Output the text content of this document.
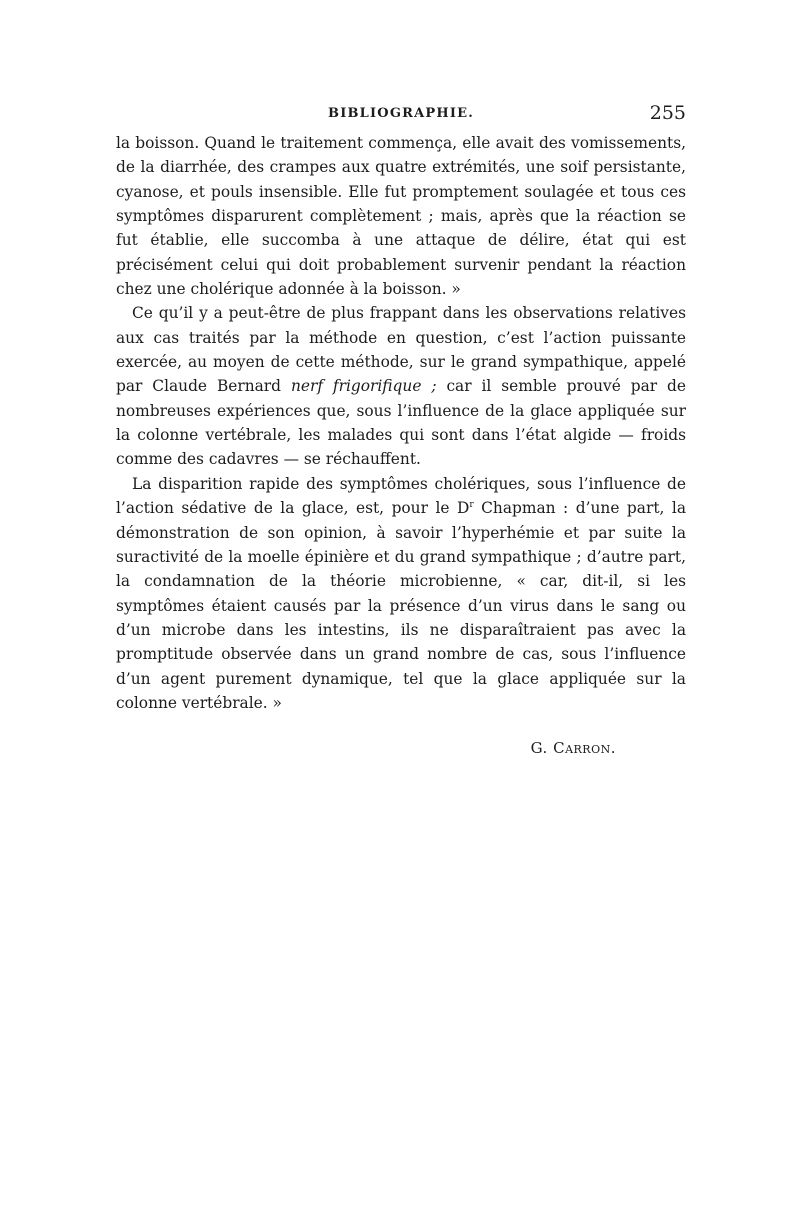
BIBLIOGRAPHIE.	255

la boisson. Quand le traitement commença, elle avait des vomissements, de la diarrhée, des crampes aux quatre extrémités, une soif persistante, cyanose, et pouls insensible. Elle fut promptement soulagée et tous ces symptômes disparurent complètement ; mais, après que la réaction se fut établie, elle succomba à une attaque de délire, état qui est précisément celui qui doit probablement survenir pendant la réaction chez une cholérique adonnée à la boisson. »

Ce qu’il y a peut-être de plus frappant dans les observations relatives aux cas traités par la méthode en question, c’est l’action puissante exercée, au moyen de cette méthode, sur le grand sympathique, appelé par Claude Bernard nerf frigorifique ; car il semble prouvé par de nombreuses expériences que, sous l’influence de la glace appliquée sur la colonne vertébrale, les malades qui sont dans l’état algide — froids comme des cadavres — se réchauffent.

La disparition rapide des symptômes cholériques, sous l’influence de l’action sédative de la glace, est, pour le $D^r$ Chapman : d’une part, la démonstration de son opinion, à savoir l’hyperhémie et par suite la suractivité de la moelle épinière et du grand sympathique ; d’autre part, la condamnation de la théorie microbienne, « car, dit-il, si les symptômes étaient causés par la présence d’un virus dans le sang ou d’un microbe dans les intestins, ils ne disparaîtraient pas avec la promptitude observée dans un grand nombre de cas, sous l’influence d’un agent purement dynamique, tel que la glace appliquée sur la colonne vertébrale. »

G. Carron.
